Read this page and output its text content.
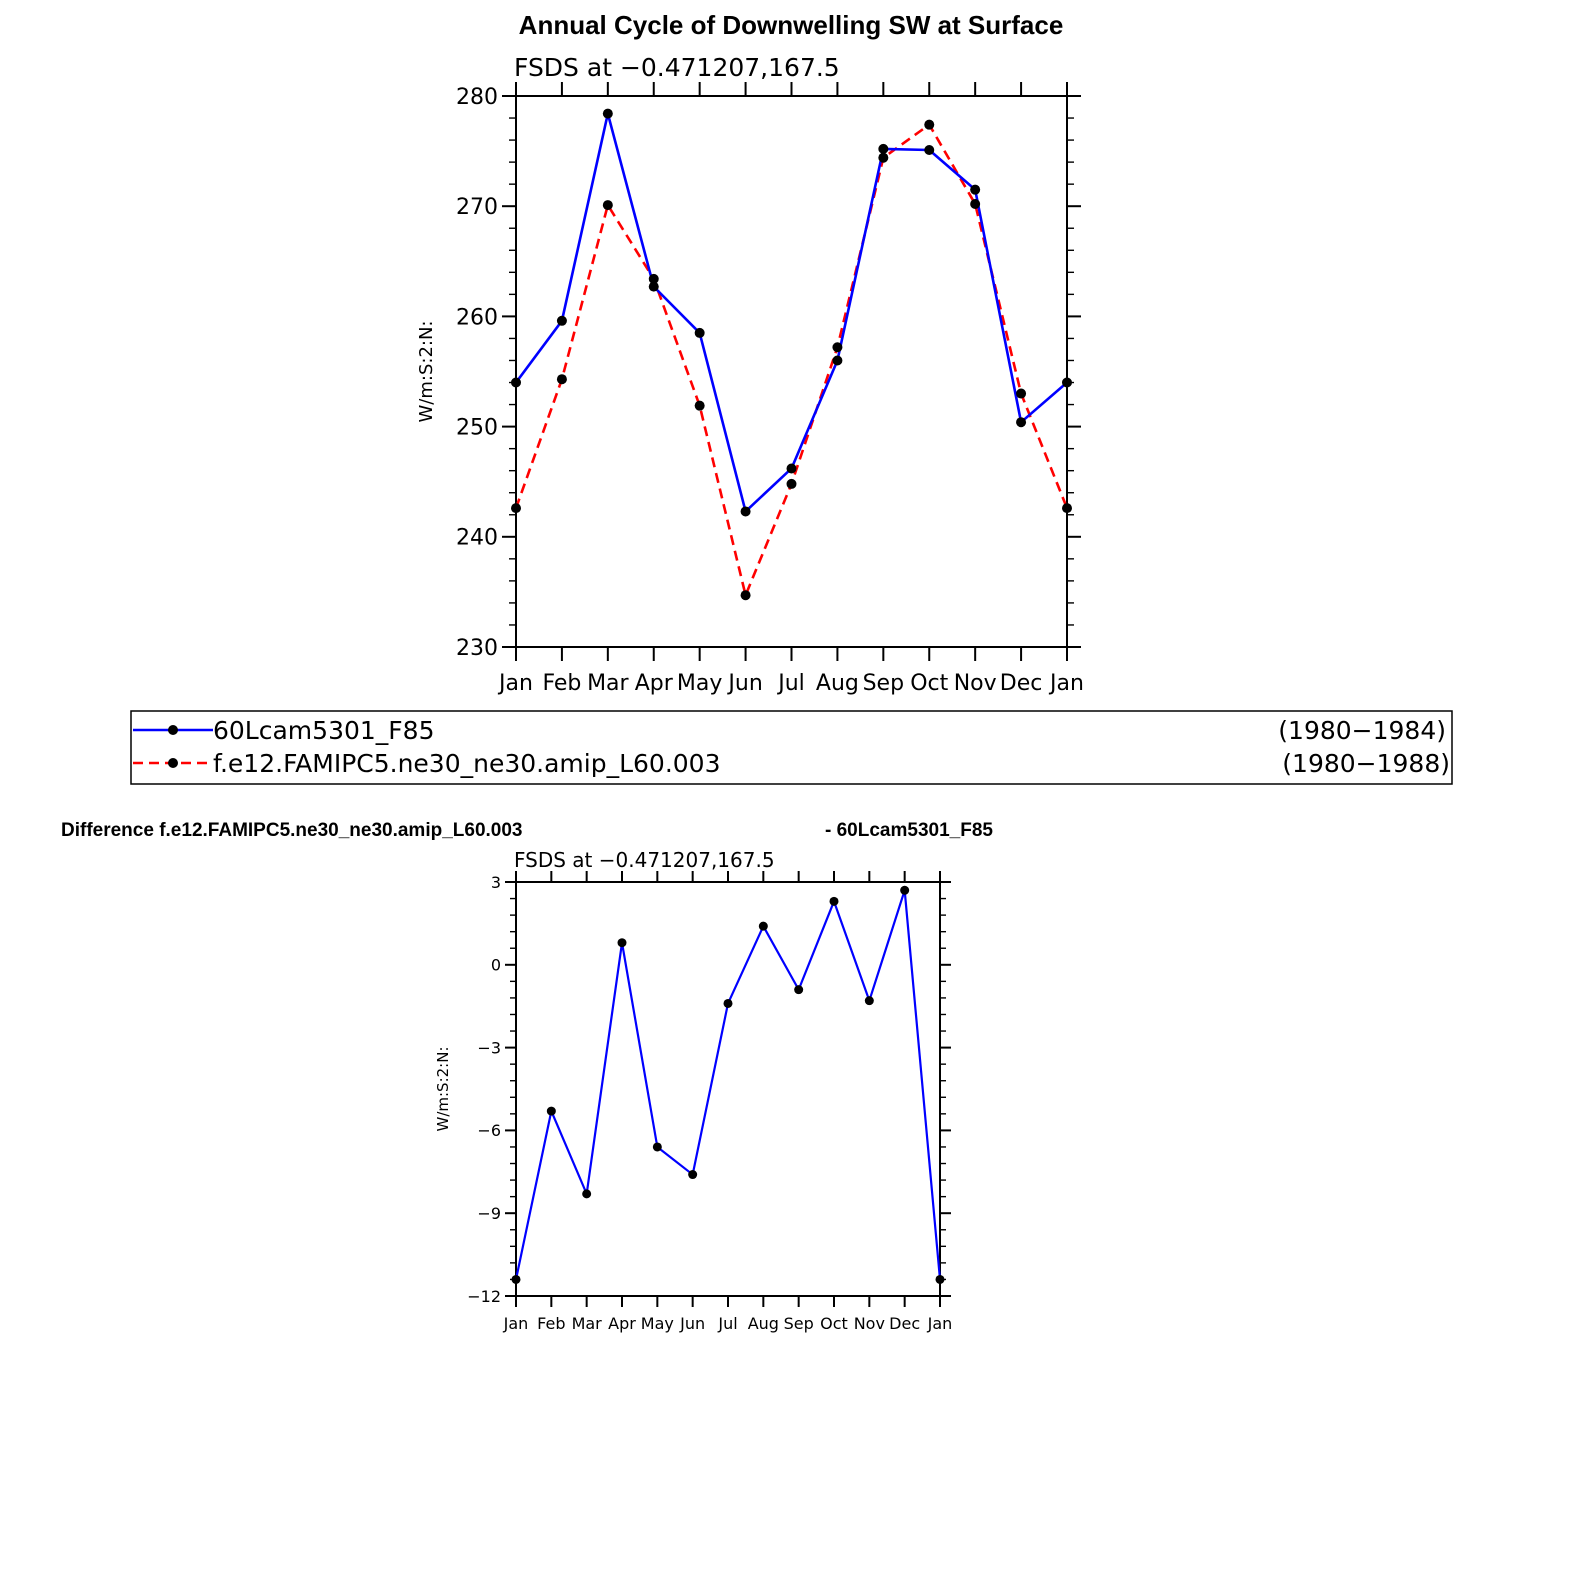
Annual Cycle of Downwelling SW at Surface
Difference f.e12.FAMIPC5.ne30_ne30.amip_L60.003	- 60Lcam5301_F85
230
240
250
260
270
280
Jan Feb Mar Apr May Jun Jul Aug Sep Oct Nov Dec Jan
FSDS at −0.471207,167.5
W/m:S:2:N:
60Lcam5301_F85	(1980−1984)
f.e12.FAMIPC5.ne30_ne30.amip_L60.003	(1980−1988)
−12
−9
−6
−3
0
3
Jan Feb Mar Apr May Jun Jul Aug Sep Oct Nov Dec Jan
FSDS at −0.471207,167.5
W/m:S:2:N:
